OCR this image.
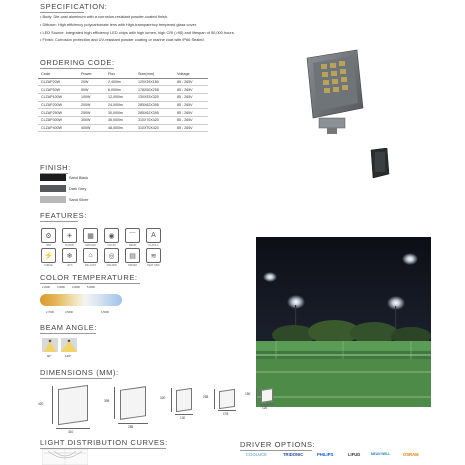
SPECIFICATION:
• Body: Die-cast aluminum with a corrosion-resistant powder-coated finish.
• Diffuser: High efficiency polycarbonate lens with High-transparency tempered glass cover.
• LED Source: Integrated high-efficiency LED chips with high lumen, high CRI (>90) and lifespan of 50,000 hours.
• Finish: Corrosion protection and UV-resistant powder coating or marine coat with IP66 Sealed.
ORDERING CODE:
Code	Power	Flux	Size(mm)	Voltage
CLZAP20W	20W	2,400lm	120X39X150	85 - 265V
CLZAP50W	50W	6,000lm	178X50X258	85 - 265V
CLZAP100W	100W	12,000lm	130X53X320	85 - 265V
CLZAP200W	200W	24,000lm	285X62X395	85 - 265V
CLZAP250W	250W	30,000lm	285X62X395	85 - 265V
CLZAP300W	300W	36,000lm	310X70X420	85 - 265V
CLZAP400W	400W	48,000lm	310X70X420	85 - 265V
FINISH:
Sand Black
Dark Grey
Sand Silver
FEATURES:
⚙
IP66
☀
50,000H
▦
SMD LED
◉
CRI>90
⌒
BEAM
A
CLASS A
⚡
SURGE
❄
-30°C
⌂
DIE-CAST
◎
120LM/W
▤
DRIVER
≋
HEAT SINK
COLOR TEMPERATURE:
2,200K	3,000K	4,000K	5,000K
2,700K	3,500K	6,500K
BEAM ANGLE:
90°	120°
DIMENSIONS (MM):
420
310
395
285
320
130
258
178
150
120
LIGHT DISTRIBUTION CURVES:	DRIVER OPTIONS:
COOLUCE	TRIDONIC	PHILIPS	LIFUD	MEAN WELL	OSRAM
